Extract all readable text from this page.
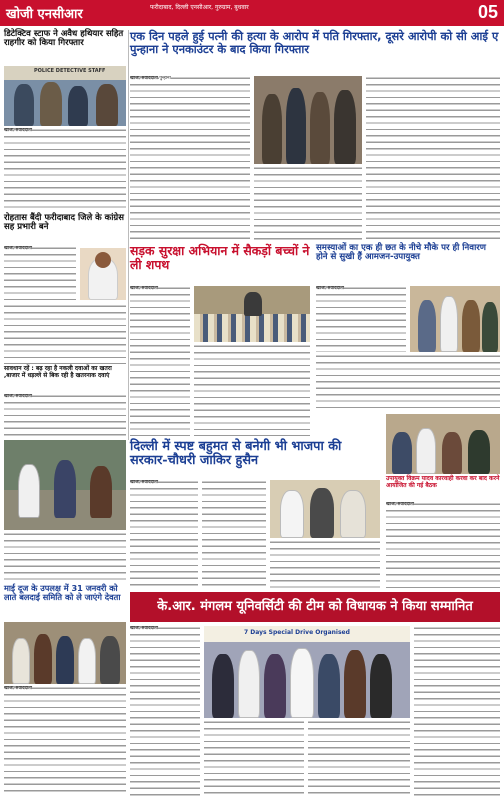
खोजी एनसीआर	फरीदाबाद, दिल्ली एनसीआर, गुरुग्राम, बुधवार	05
डिटेक्टिव स्टाफ ने अवैध हथियार सहित राहगीर को किया गिरफ्तार
POLICE DETECTIVE STAFF
खोजी/संवाददाता
रोहतास बैंदी फरीदाबाद जिले के कांग्रेस सह प्रभारी बने
खोजी/संवाददाता
सावधान रहें : बढ़ रहा है नकली दवाओं का खतरा ,बाजार में धड़ल्ले से बिक रही है खतरनाक दवाएं
खोजी/संवाददाता
एक दिन पहले हुई पत्नी की हत्या के आरोप में पति गिरफ्तार, दूसरे आरोपी को सी आई ए पुन्हाना ने एनकाउंटर के बाद किया गिरफ्तार
खोजी/संवाददाता पुन्हाना
सड़क सुरक्षा अभियान में सैकड़ों बच्चों ने ली शपथ
खोजी/संवाददाता
समस्याओं का एक ही छत के नीचे मौके पर ही निवारण होने से सुखी हैं आमजन-उपायुक्त
खोजी/संवाददाता
दिल्ली में स्पष्ट बहुमत से बनेगी भी भाजपा की सरकार-चौधरी जाकिर हुसैन
खोजी/संवाददाता
उपायुक्त विक्रम यादव कारवाही करवा कर बाद करने आयोजित की गई बैठक
खोजी/संवाददाता
माई दूज के उपलक्ष में 31 जनवरी को लाते बलदाई समिति को ले जाएंगे देवता
खोजी/संवाददाता
के.आर. मंगलम यूनिवर्सिटी की टीम को विधायक ने किया सम्मानित
खोजी/संवाददाता
7 Days Special Drive Organised
